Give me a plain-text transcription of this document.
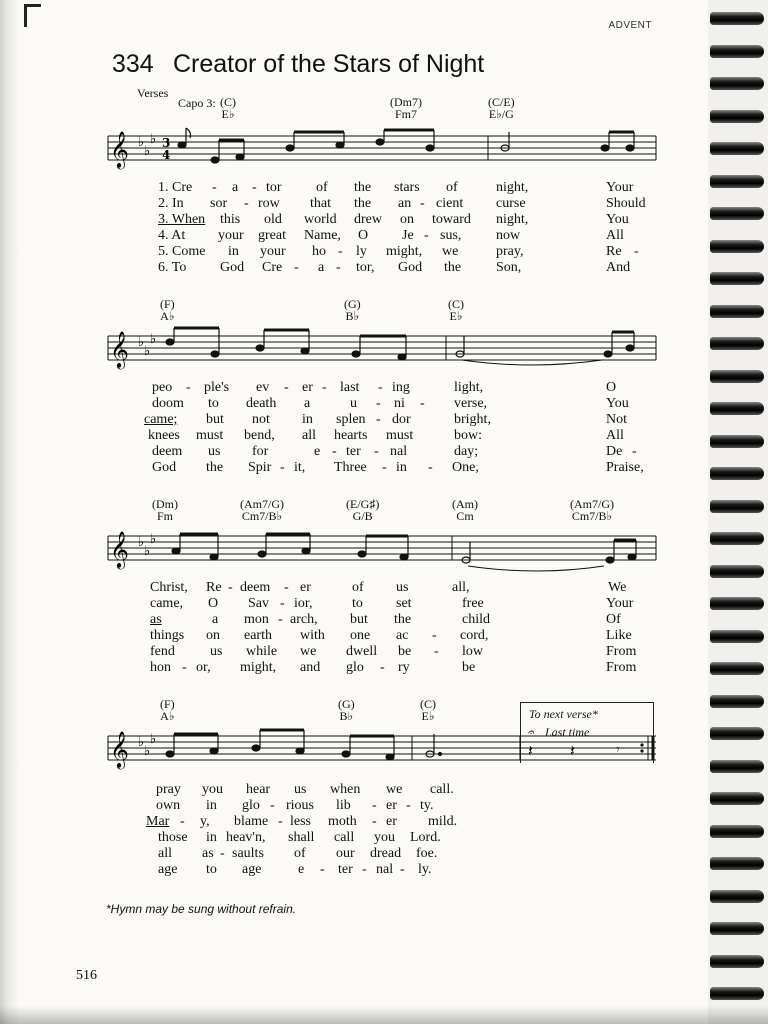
ADVENT
334 Creator of the Stars of Night
Verses
Capo 3: (C)
E♭
(Dm7)
Fm7
(C/E)
E♭/G
𝄞 ♭
♭
♭ 3
4
1. Cre - a - tor of the stars of	night,	Your
2. In sor - row that the an - cient curse	Should
3. When this old world drew on toward night,	You
4. At your great Name, O Je - sus, now	All
5. Come in your ho - ly might, we	pray,	Re -
6. To God Cre - a - tor, God the Son,	And
(F)
A♭
(G)
B♭
(C)
E♭
𝄞 ♭
♭
♭
peo - ple's ev - er - last - ing	light,	O
doom to death a	u - ni - verse,	You
came; but not in splen - dor	bright,	Not
knees must bend, all hearts must	bow:	All
deem us for	e - ter - nal	day;	De -
God the Spir - it, Three - in - One,	Praise,
(Dm)
Fm
(Am7/G)
Cm7/B♭
(E/G♯)
G/B
(Am)
Cm
(Am7/G)
Cm7/B♭
𝄞 ♭
♭
♭
Christ, Re - deem - er	of us	all,	We
came, O Sav - ior,	to set	free	Your
as	a mon - arch, but the	child	Of
things on earth with one ac - cord,	Like
fend	us while we dwell be - low	From
hon - or, might, and glo - ry	be	From
(F)
A♭
(G)
B♭
(C)
E♭	To next verse*
𝄐 Last time
𝄞 ♭
♭
♭
𝄽 𝄽	𝄾
pray you hear us when we call.
own in glo - rious lib - er - ty.
Mar - y, blame - less moth - er mild.
those in heav'n, shall call you Lord.
all as - saults of our dread foe.
age to age	e - ter - nal - ly.
*Hymn may be sung without refrain.
516
